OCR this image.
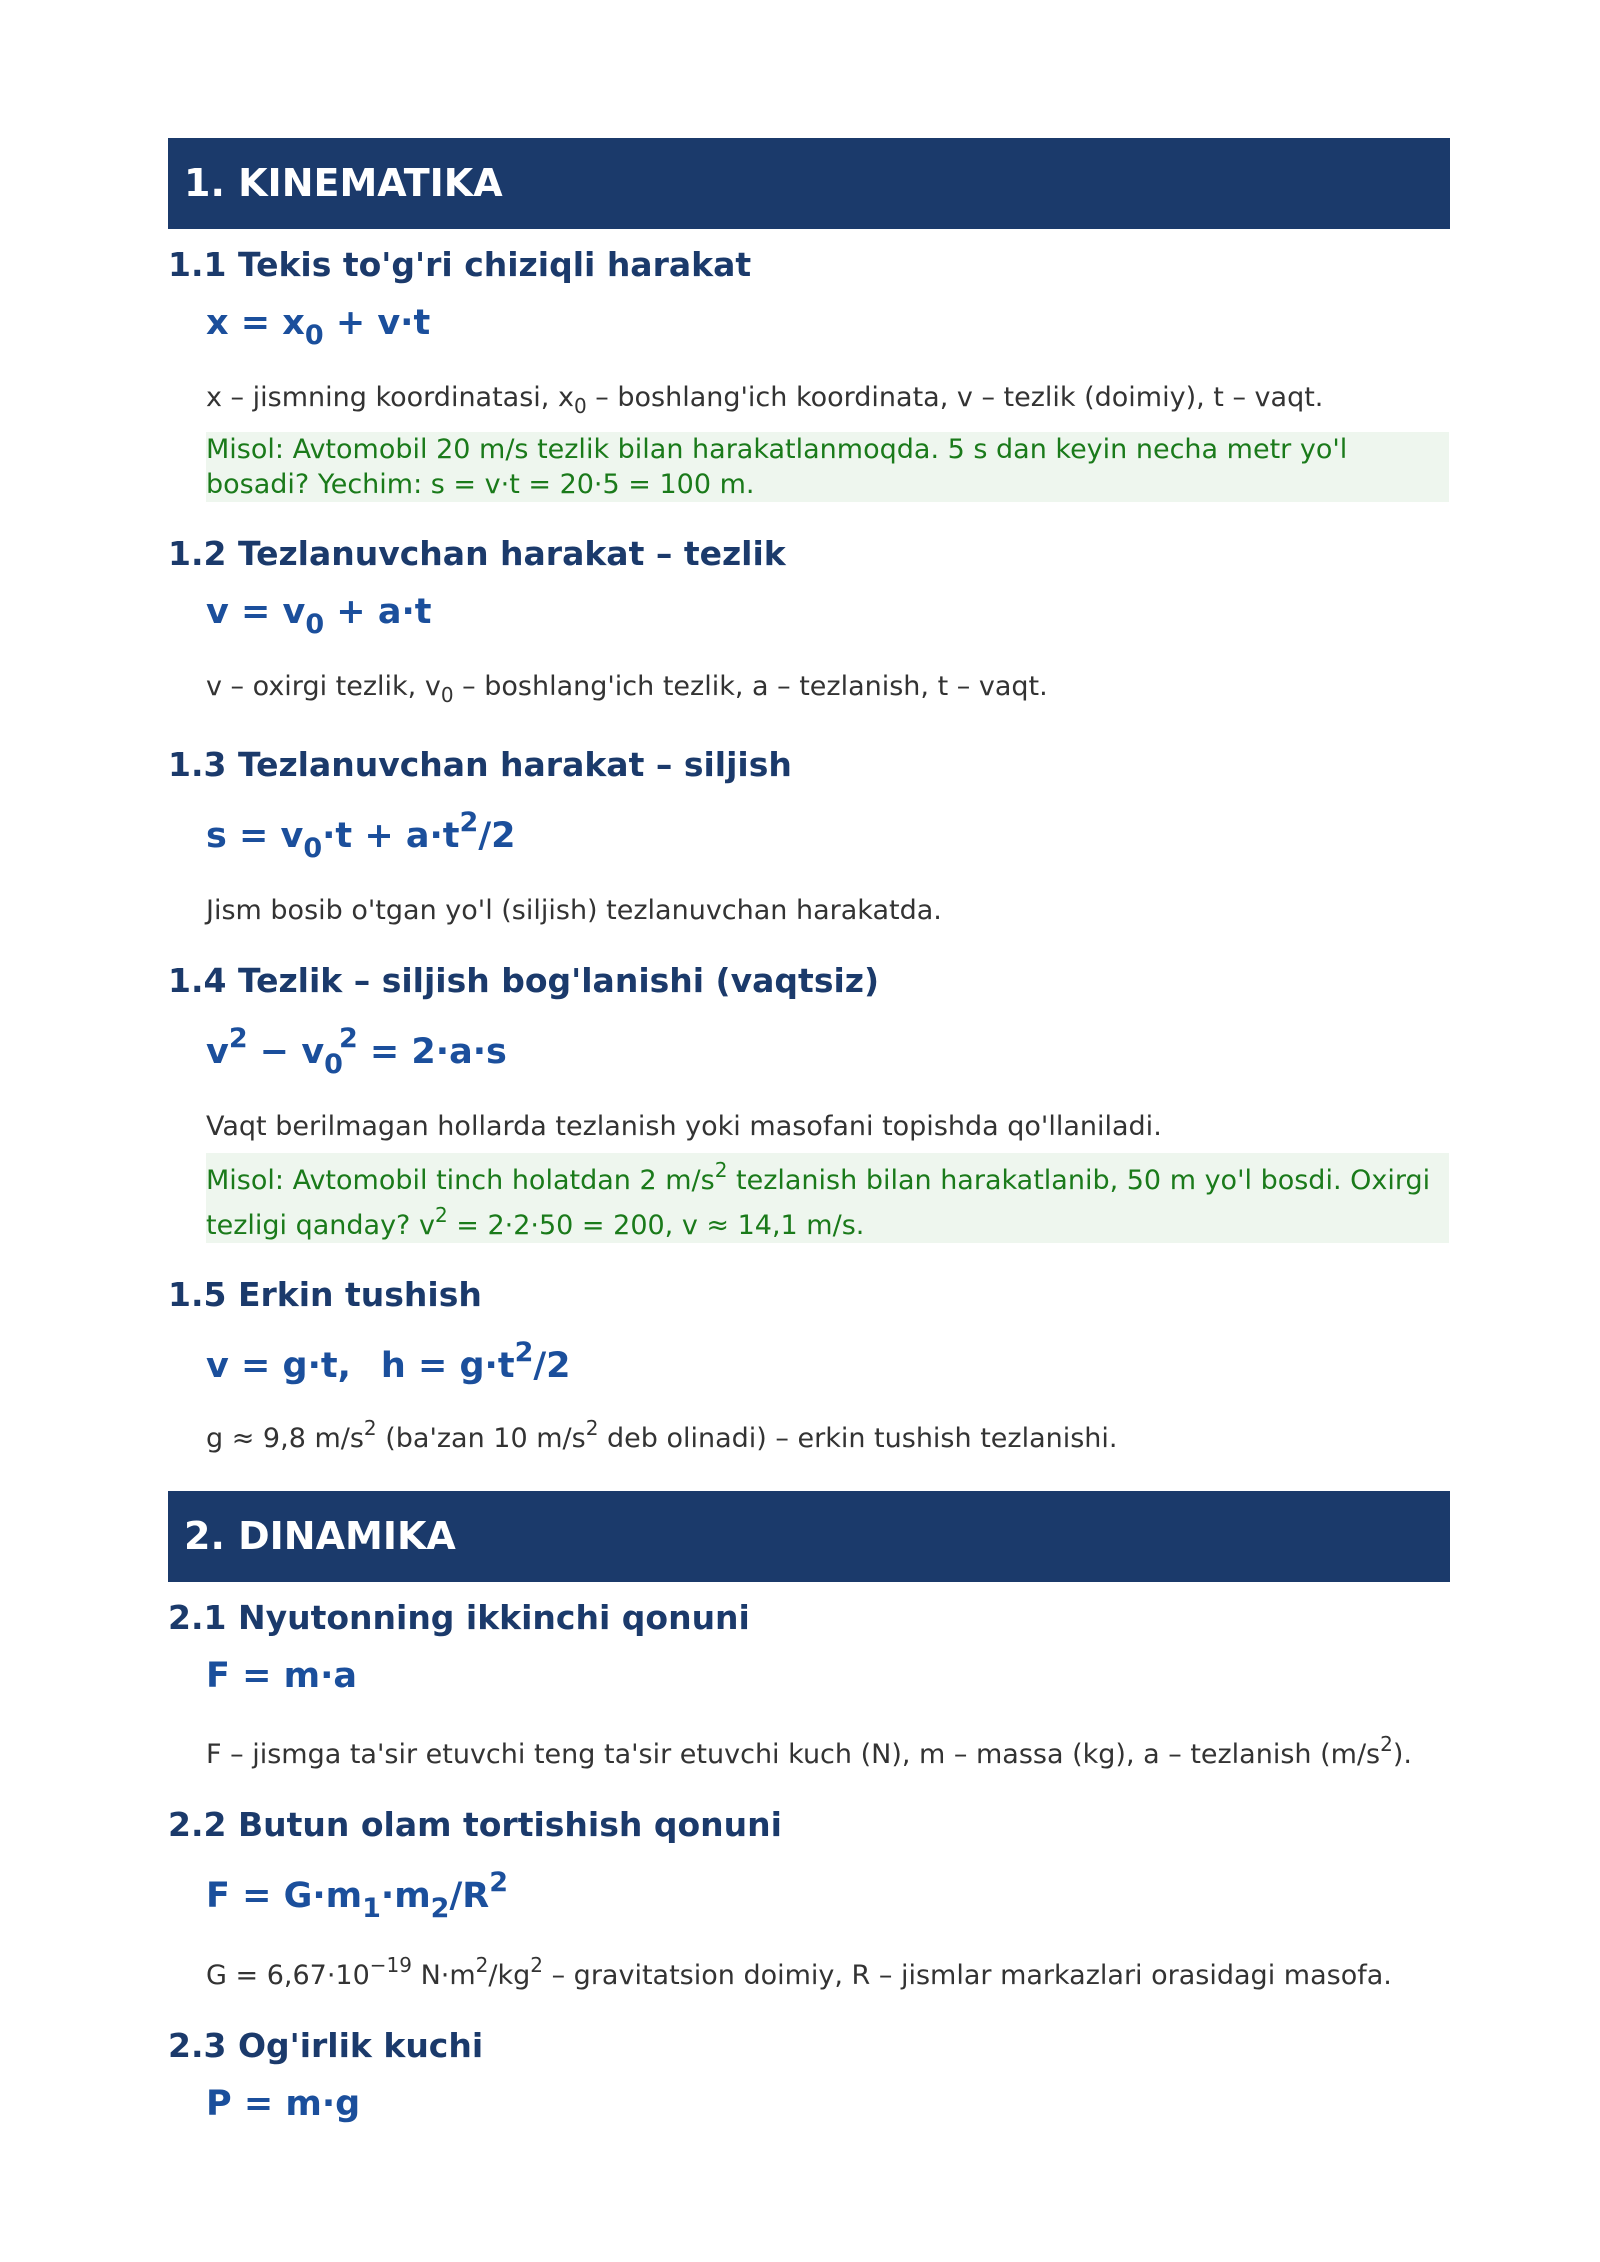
1. KINEMATIKA
1.1 Tekis to'g'ri chiziqli harakat
$x = x_0 + v\cdot t$
x – jismning koordinatasi, $x_0$ – boshlang'ich koordinata, v – tezlik (doimiy), t – vaqt.
Misol: Avtomobil 20 m/s tezlik bilan harakatlanmoqda. 5 s dan keyin necha metr yo'l bosadi? Yechim: s = v·t = 20·5 = 100 m.
1.2 Tezlanuvchan harakat – tezlik
$v = v_0 + a\cdot t$
v – oxirgi tezlik, $v_0$ – boshlang'ich tezlik, a – tezlanish, t – vaqt.
1.3 Tezlanuvchan harakat – siljish
$s = v_0\cdot t + a\cdot t^2/2$
Jism bosib o'tgan yo'l (siljish) tezlanuvchan harakatda.
1.4 Tezlik – siljish bog'lanishi (vaqtsiz)
$v^2 - v_0^2 = 2\cdot a\cdot s$
Vaqt berilmagan hollarda tezlanish yoki masofani topishda qo'llaniladi.
Misol: Avtomobil tinch holatdan 2 $m/s^2$ tezlanish bilan harakatlanib, 50 m yo'l bosdi. Oxirgi tezligi qanday? $v^2 = 2\cdot 2\cdot 50 = 200$, v ≈ 14,1 m/s.
1.5 Erkin tushish
v = g·t, $h = g\cdot t^2/2$
g ≈ 9,8 $m/s^2$ (ba'zan 10 $m/s^2$ deb olinadi) – erkin tushish tezlanishi.
2. DINAMIKA
2.1 Nyutonning ikkinchi qonuni
F = m·a
F – jismga ta'sir etuvchi teng ta'sir etuvchi kuch (N), m – massa (kg), a – tezlanish $(m/s^2)$.
2.2 Butun olam tortishish qonuni
$F = G\cdot m_1\cdot m_2/R^2$
$G = 6,67\cdot 10^{-19}$ $N\cdot m^2/kg^2$ – gravitatsion doimiy, R – jismlar markazlari orasidagi masofa.
2.3 Og'irlik kuchi
P = m·g
